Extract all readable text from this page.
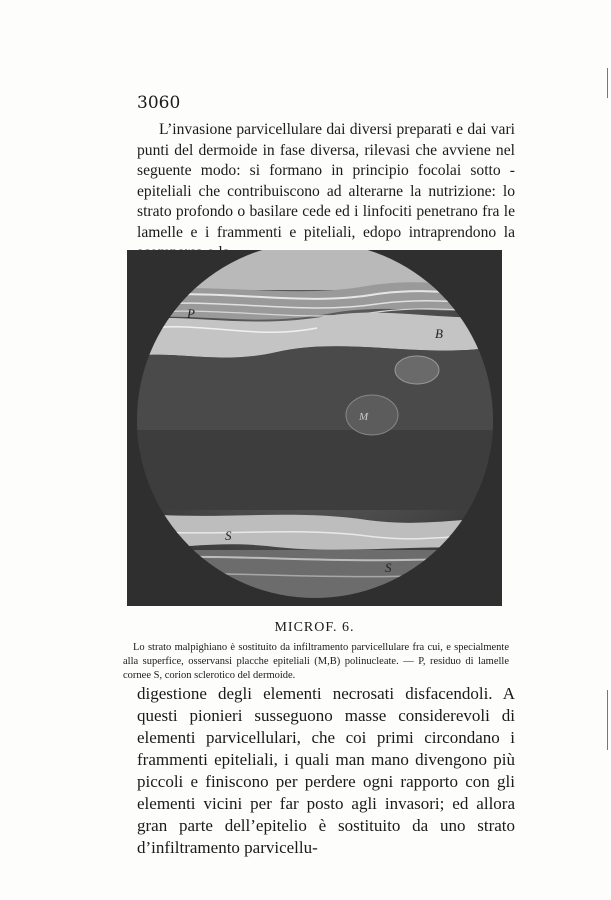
3060
L’invasione parvicellulare dai diversi preparati e dai vari punti del dermoide in fase diversa, rilevasi che avviene nel seguente modo: si formano in principio focolai sotto - epiteliali che contribuiscono ad alterarne la nutrizione: lo strato profondo o basilare cede ed i linfociti penetrano fra le lamelle e i frammenti e piteliali, edopo intraprendono la
P
B
M
S
S
MICROF. 6.
Lo strato malpighiano è sostituito da infiltramento parvicellulare fra cui, e specialmente alla superfice, osservansi placche epiteliali (M,B) polinucleate. — P, residuo di lamelle cornee S, corion sclerotico del dermoide.
digestione degli elementi necrosati disfacendoli. A questi pionieri susseguono masse considerevoli di elementi parvicellulari, che coi primi circondano i frammenti epiteliali, i quali man mano divengono più piccoli e finiscono per perdere ogni rapporto con gli elementi vicini per far posto agli invasori; ed allora gran parte dell’epitelio è sostituito da uno strato d’infiltramento parvicellu-
